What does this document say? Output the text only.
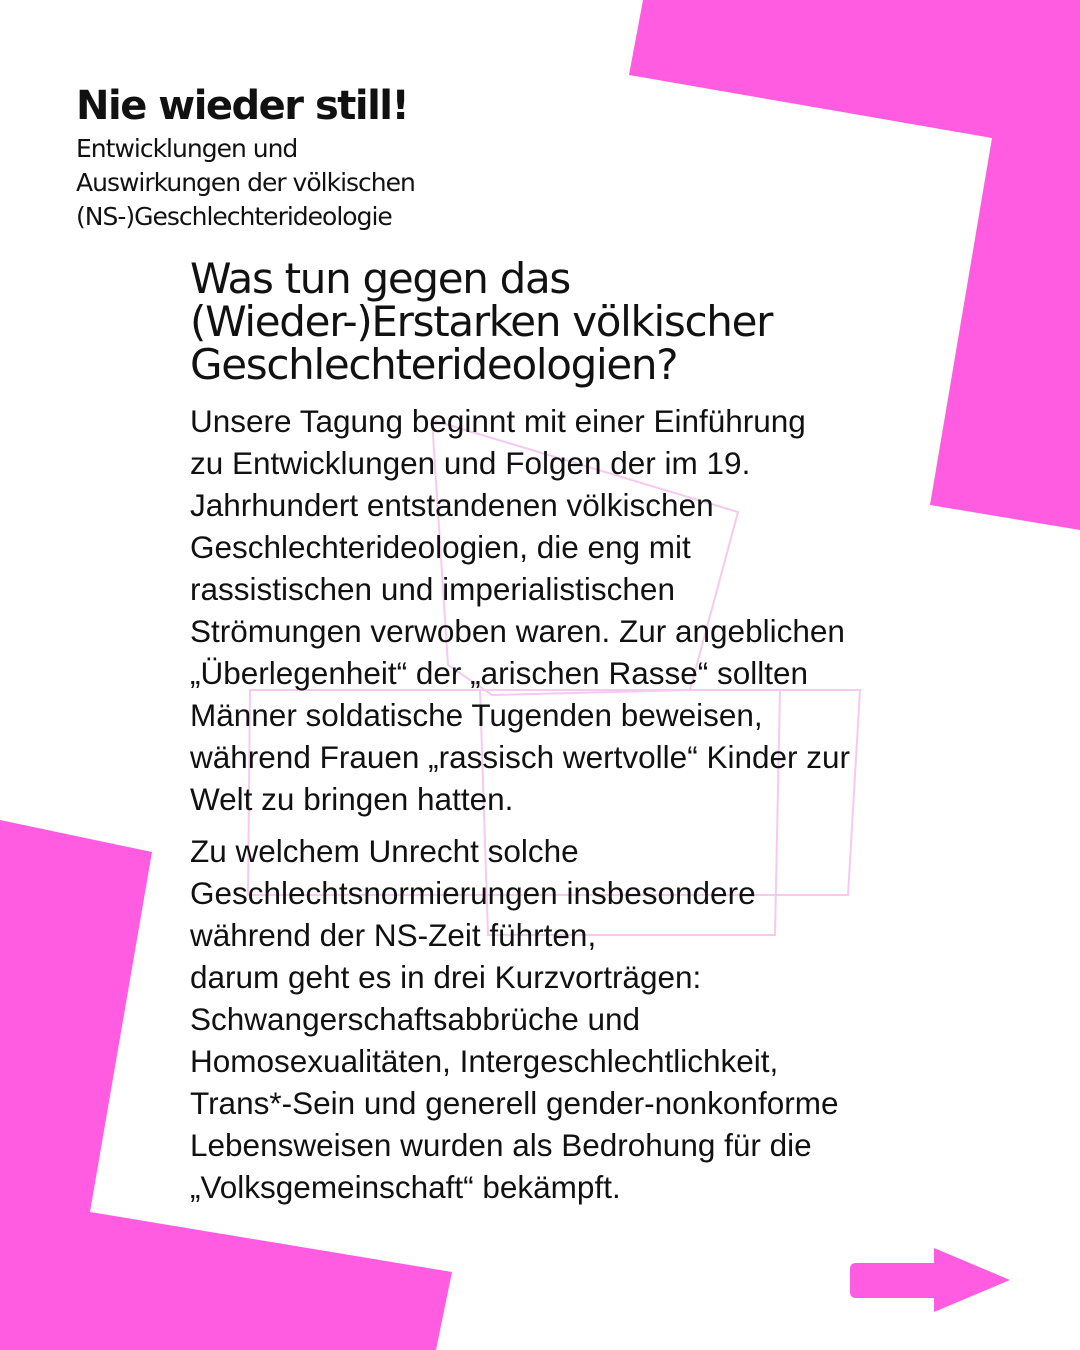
Nie wieder still!
Entwicklungen und
Auswirkungen der völkischen
(NS-)Geschlechterideologie
Was tun gegen das
(Wieder-)Erstarken völkischer
Geschlechterideologien?

Unsere Tagung beginnt mit einer Einführung
zu Entwicklungen und Folgen der im 19.
Jahrhundert entstandenen völkischen
Geschlechterideologien, die eng mit
rassistischen und imperialistischen
Strömungen verwoben waren. Zur angeblichen
„Überlegenheit“ der „arischen Rasse“ sollten
Männer soldatische Tugenden beweisen,
während Frauen „rassisch wertvolle“ Kinder zur
Welt zu bringen hatten.

Zu welchem Unrecht solche
Geschlechtsnormierungen insbesondere
während der NS-Zeit führten,
darum geht es in drei Kurzvorträgen:
Schwangerschaftsabbrüche und
Homosexualitäten, Intergeschlechtlichkeit,
Trans*-Sein und generell gender-nonkonforme
Lebensweisen wurden als Bedrohung für die
„Volksgemeinschaft“ bekämpft.
